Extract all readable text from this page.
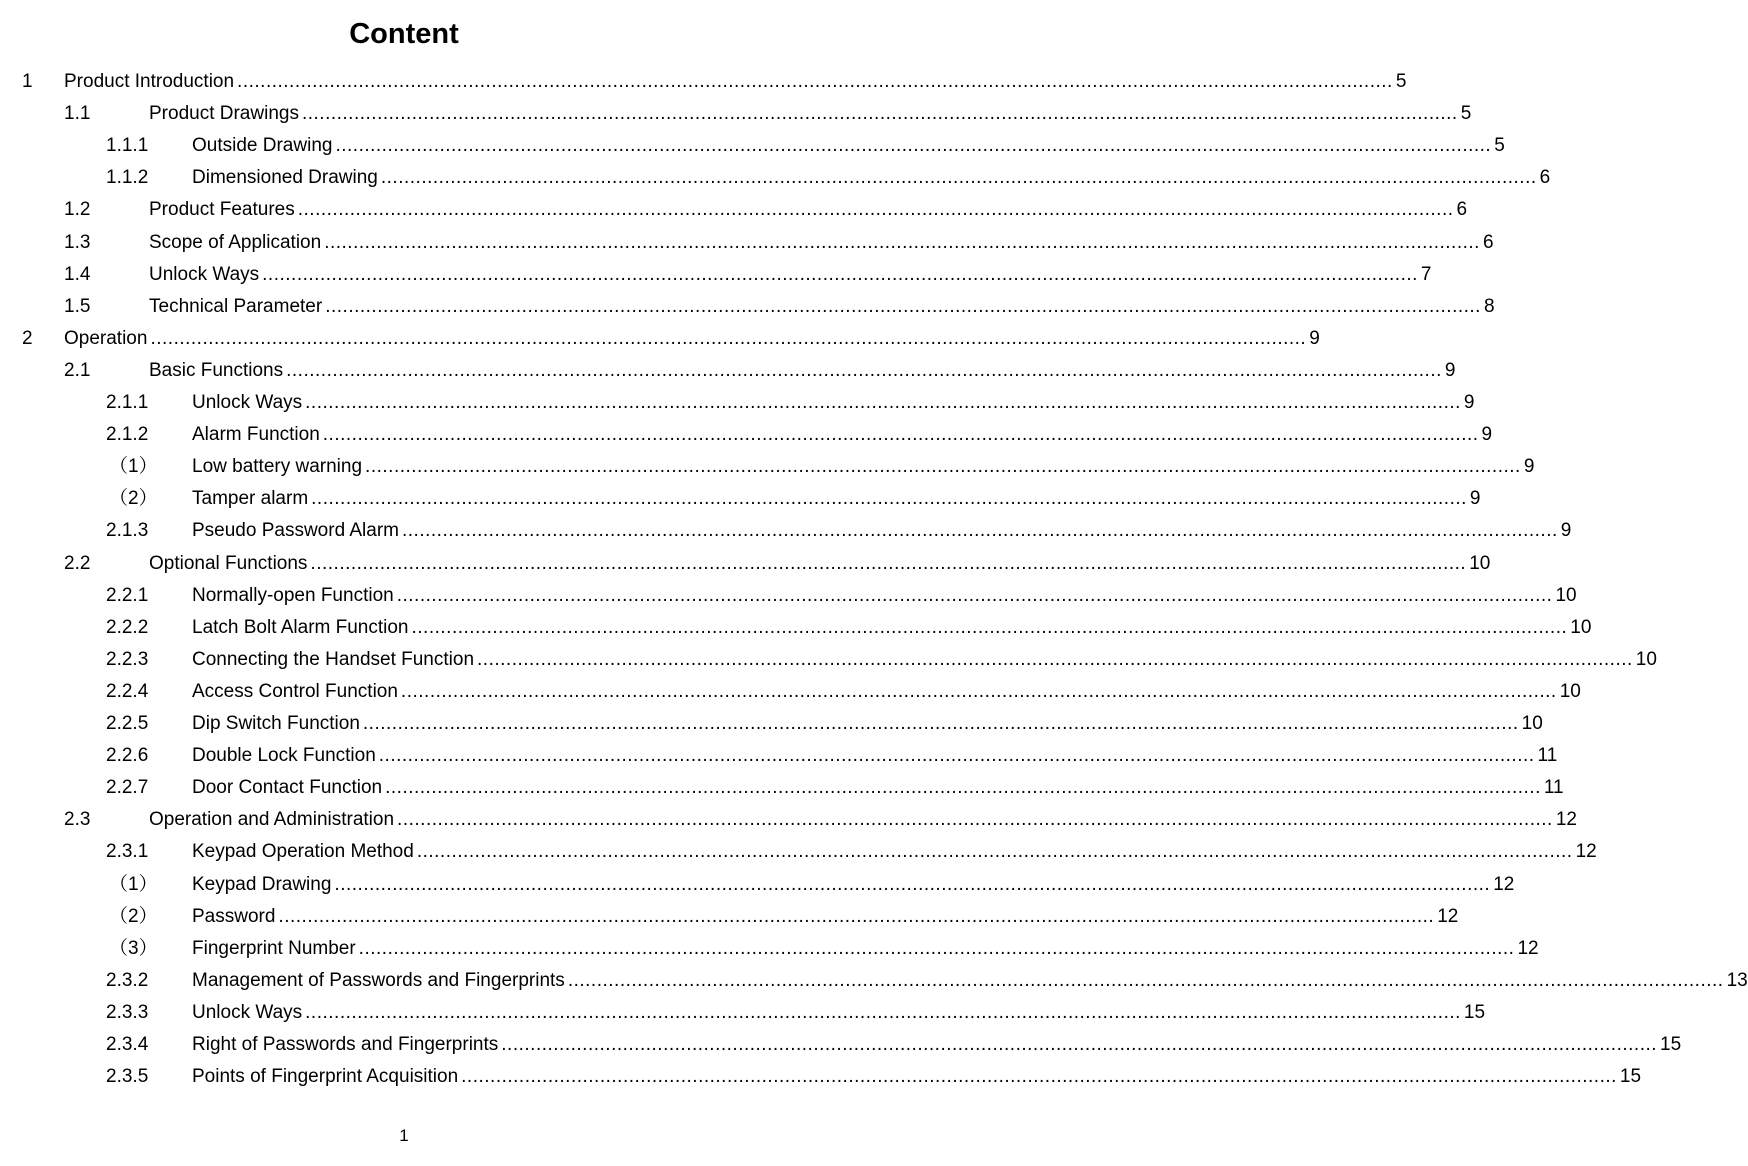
Content
1 Product Introduction ........................................................................................................................................................................................................ 5
1.1	Product Drawings ........................................................................................................................................................................................................ 5
1.1.1 Outside Drawing ........................................................................................................................................................................................................ 5
1.1.2 Dimensioned Drawing ........................................................................................................................................................................................................ 6
1.2	Product Features ........................................................................................................................................................................................................ 6
1.3	Scope of Application ........................................................................................................................................................................................................ 6
1.4	Unlock Ways ........................................................................................................................................................................................................ 7
1.5	Technical Parameter ........................................................................................................................................................................................................ 8
2 Operation ........................................................................................................................................................................................................ 9
2.1	Basic Functions ........................................................................................................................................................................................................ 9
2.1.1 Unlock Ways ........................................................................................................................................................................................................ 9
2.1.2 Alarm Function ........................................................................................................................................................................................................ 9
（1） Low battery warning ........................................................................................................................................................................................................ 9
（2） Tamper alarm ........................................................................................................................................................................................................ 9
2.1.3 Pseudo Password Alarm ........................................................................................................................................................................................................ 9
2.2	Optional Functions ........................................................................................................................................................................................................ 10
2.2.1 Normally-open Function ........................................................................................................................................................................................................ 10
2.2.2 Latch Bolt Alarm Function ........................................................................................................................................................................................................ 10
2.2.3 Connecting the Handset Function ........................................................................................................................................................................................................ 10
2.2.4 Access Control Function ........................................................................................................................................................................................................ 10
2.2.5 Dip Switch Function ........................................................................................................................................................................................................ 10
2.2.6 Double Lock Function ........................................................................................................................................................................................................ 11
2.2.7 Door Contact Function ........................................................................................................................................................................................................ 11
2.3	Operation and Administration ........................................................................................................................................................................................................ 12
2.3.1 Keypad Operation Method ........................................................................................................................................................................................................ 12
（1） Keypad Drawing ........................................................................................................................................................................................................ 12
（2） Password ........................................................................................................................................................................................................ 12
（3） Fingerprint Number ........................................................................................................................................................................................................ 12
2.3.2 Management of Passwords and Fingerprints ........................................................................................................................................................................................................ 13
2.3.3 Unlock Ways ........................................................................................................................................................................................................ 15
2.3.4 Right of Passwords and Fingerprints ........................................................................................................................................................................................................ 15
2.3.5 Points of Fingerprint Acquisition ........................................................................................................................................................................................................ 15
1
